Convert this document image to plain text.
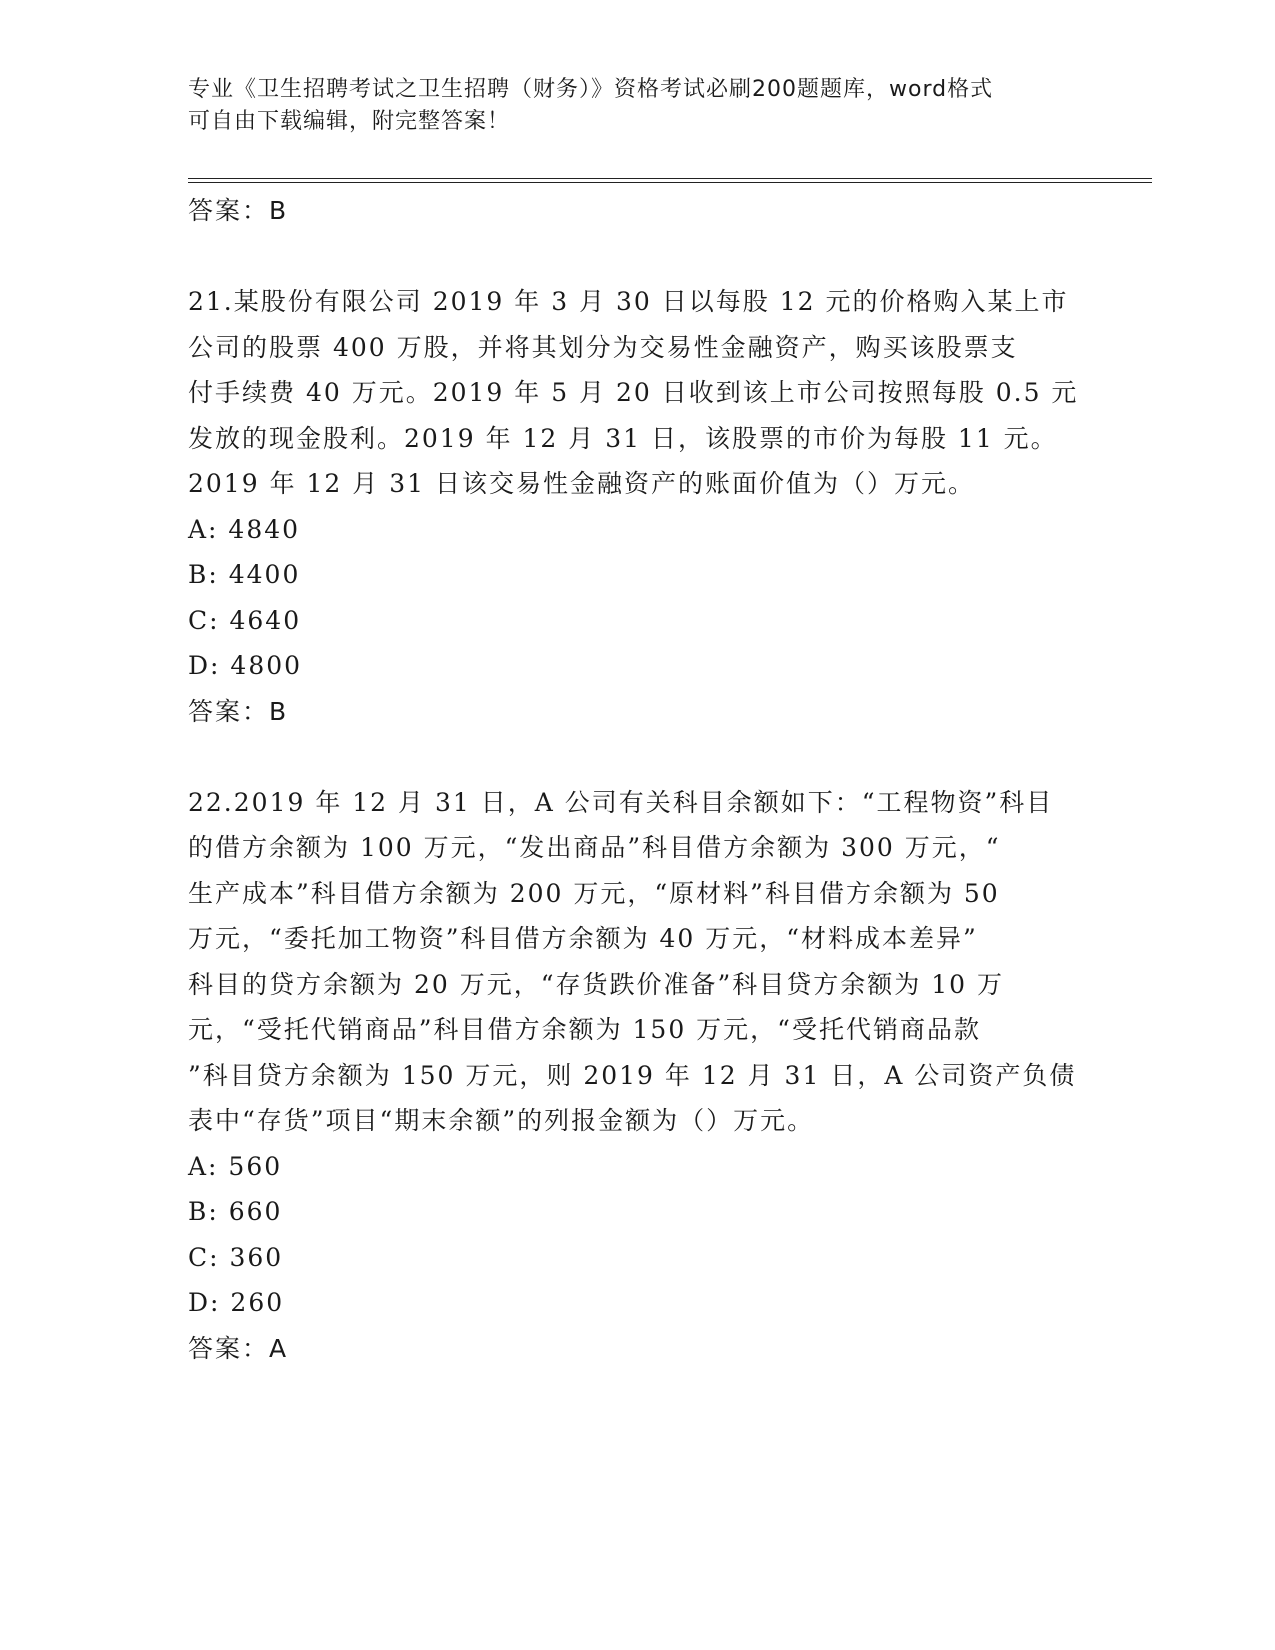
专业《卫生招聘考试之卫生招聘（财务）》资格考试必刷200题题库，word格式
可自由下载编辑，附完整答案！
答案：B
21.某股份有限公司 2019 年 3 月 30 日以每股 12 元的价格购入某上市
公司的股票 400 万股，并将其划分为交易性金融资产，购买该股票支
付手续费 40 万元。2019 年 5 月 20 日收到该上市公司按照每股 0.5 元
发放的现金股利。2019 年 12 月 31 日，该股票的市价为每股 11 元。
2019 年 12 月 31 日该交易性金融资产的账面价值为（）万元。
A: 4840
B: 4400
C: 4640
D: 4800
答案：B
22.2019 年 12 月 31 日，A 公司有关科目余额如下：“工程物资”科目
的借方余额为 100 万元，“发出商品”科目借方余额为 300 万元，“
生产成本”科目借方余额为 200 万元，“原材料”科目借方余额为 50
万元，“委托加工物资”科目借方余额为 40 万元，“材料成本差异”
科目的贷方余额为 20 万元，“存货跌价准备”科目贷方余额为 10 万
元，“受托代销商品”科目借方余额为 150 万元，“受托代销商品款
”科目贷方余额为 150 万元，则 2019 年 12 月 31 日，A 公司资产负债
表中“存货”项目“期末余额”的列报金额为（）万元。
A: 560
B: 660
C: 360
D: 260
答案：A
